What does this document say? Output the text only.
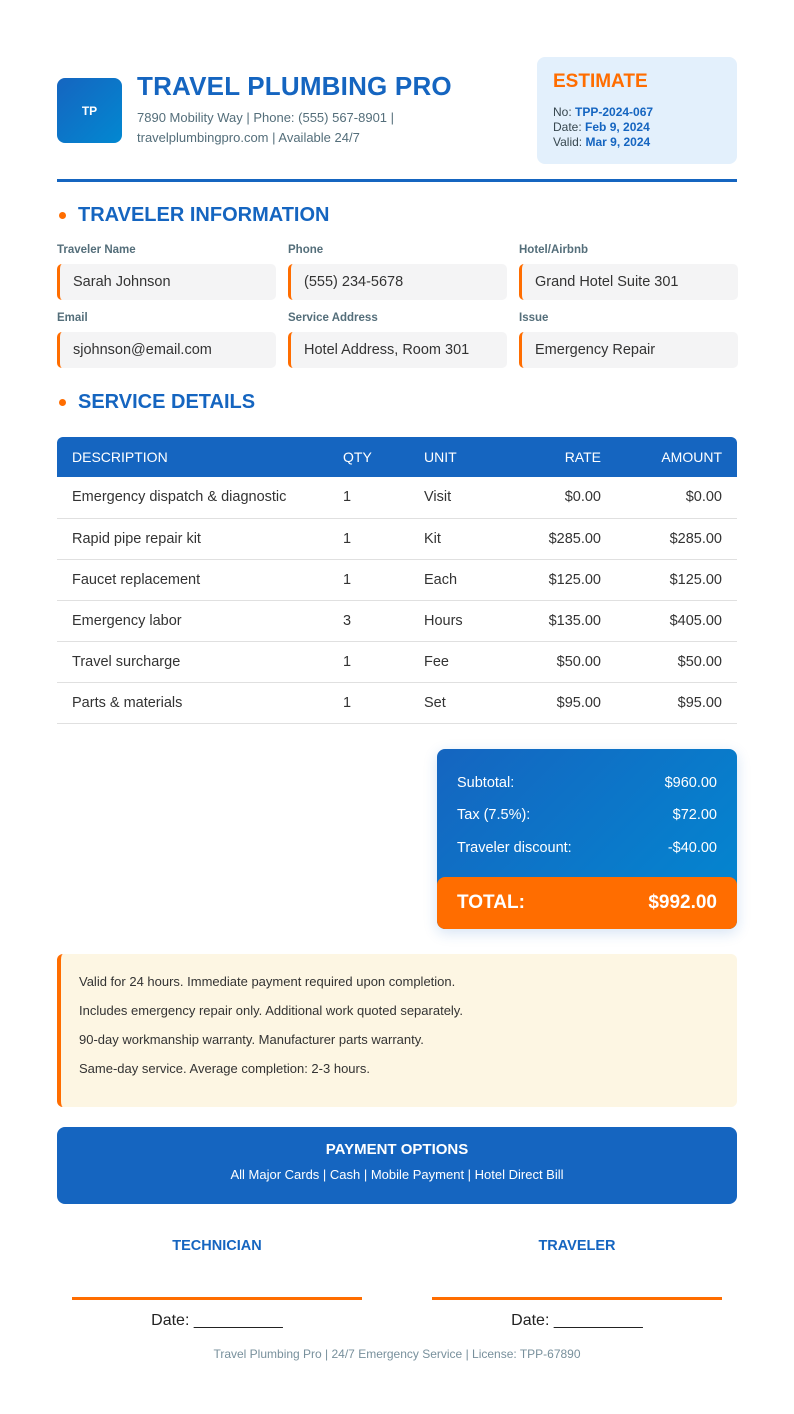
TP
TRAVEL PLUMBING PRO
7890 Mobility Way | Phone: (555) 567-8901 |
travelplumbingpro.com | Available 24/7
ESTIMATE
No: TPP-2024-067
Date: Feb 9, 2024
Valid: Mar 9, 2024
TRAVELER INFORMATION
Traveler Name
Sarah Johnson
Phone
(555) 234-5678
Hotel/Airbnb
Grand Hotel Suite 301
Email
sjohnson@email.com
Service Address
Hotel Address, Room 301
Issue
Emergency Repair
SERVICE DETAILS
DESCRIPTION	QTY	UNIT	RATE	AMOUNT
Emergency dispatch & diagnostic	1	Visit	$0.00	$0.00
Rapid pipe repair kit	1	Kit	$285.00	$285.00
Faucet replacement	1	Each	$125.00	$125.00
Emergency labor	3	Hours	$135.00	$405.00
Travel surcharge	1	Fee	$50.00	$50.00
Parts & materials	1	Set	$95.00	$95.00
Subtotal:	$960.00
Tax (7.5%):	$72.00
Traveler discount:	-$40.00
TOTAL:	$992.00
Valid for 24 hours. Immediate payment required upon completion.
Includes emergency repair only. Additional work quoted separately.
90-day workmanship warranty. Manufacturer parts warranty.
Same-day service. Average completion: 2-3 hours.
PAYMENT OPTIONS
All Major Cards | Cash | Mobile Payment | Hotel Direct Bill
TECHNICIAN
Date: __________
TRAVELER
Date: __________
Travel Plumbing Pro | 24/7 Emergency Service | License: TPP-67890
